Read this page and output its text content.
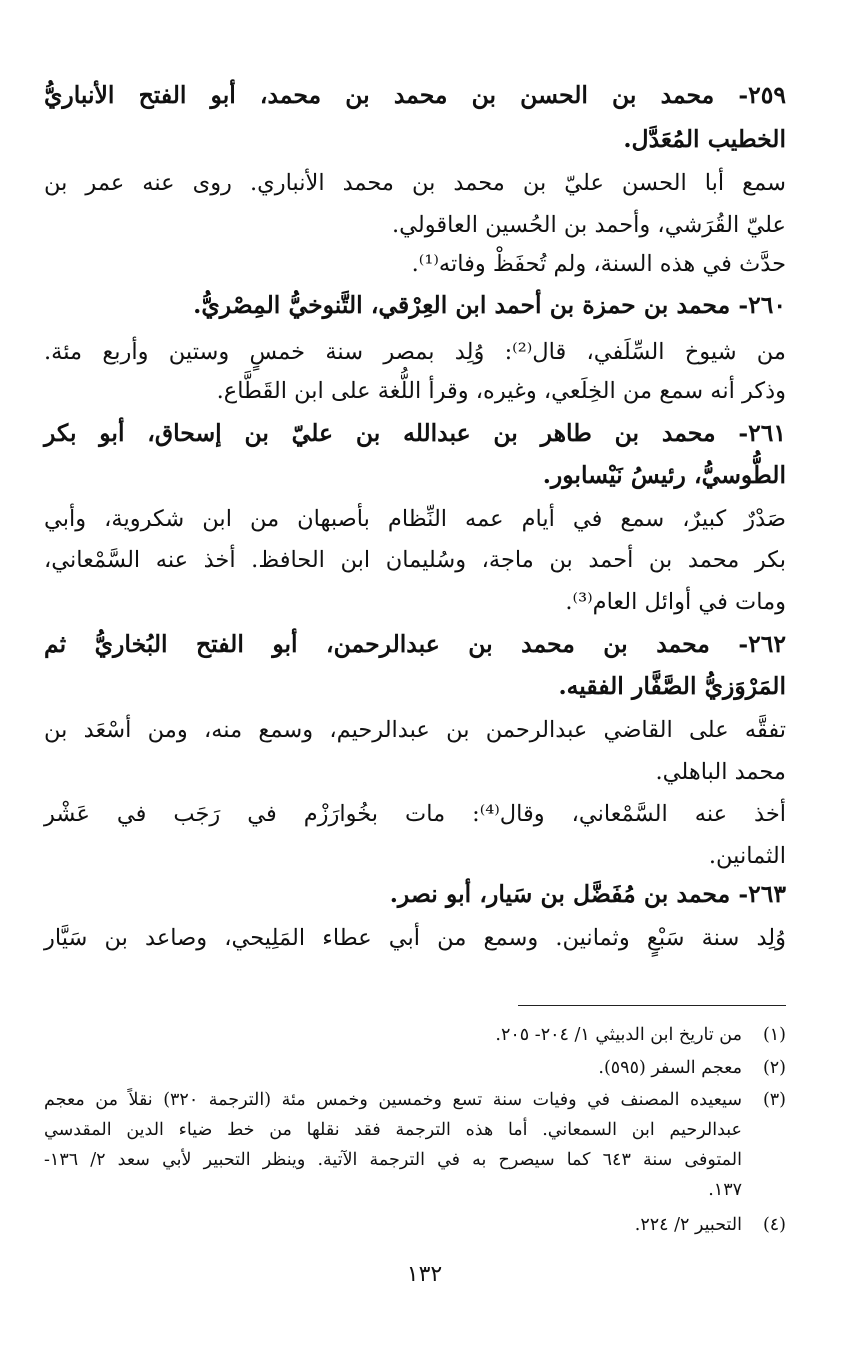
٢٥٩- محمد بن الحسن بن محمد بن محمد، أبو الفتح الأنباريُّ
الخطيب المُعَدَّل.
سمع أبا الحسن عليّ بن محمد بن محمد الأنباري. روى عنه عمر بن
عليّ القُرَشي، وأحمد بن الحُسين العاقولي.
حدَّث في هذه السنة، ولم تُحفَظْ وفاته⁽¹⁾.
٢٦٠- محمد بن حمزة بن أحمد ابن العِرْقي، التَّنوخيُّ المِصْريُّ.
من شيوخ السِّلَفي، قال⁽²⁾: وُلِد بمصر سنة خمسٍ وستين وأربع مئة.
وذكر أنه سمع من الخِلَعي، وغيره، وقرأ اللُّغة على ابن القَطَّاع.
٢٦١- محمد بن طاهر بن عبدالله بن عليّ بن إسحاق، أبو بكر
الطُّوسيُّ، رئيسُ نَيْسابور.
صَدْرٌ كبيرٌ، سمع في أيام عمه النِّظام بأصبهان من ابن شكروية، وأبي
بكر محمد بن أحمد بن ماجة، وسُليمان ابن الحافظ. أخذ عنه السَّمْعاني،
ومات في أوائل العام⁽³⁾.
٢٦٢- محمد بن محمد بن عبدالرحمن، أبو الفتح البُخاريُّ ثم
المَرْوَزيُّ الصَّفَّار الفقيه.
تفقَّه على القاضي عبدالرحمن بن عبدالرحيم، وسمع منه، ومن أسْعَد بن
محمد الباهلي.
أخذ عنه السَّمْعاني، وقال⁽⁴⁾: مات بخُوارَزْم في رَجَب في عَشْر
الثمانين.
٢٦٣- محمد بن مُفَضَّل بن سَيار، أبو نصر.
وُلِد سنة سَبْعٍ وثمانين. وسمع من أبي عطاء المَلِيحي، وصاعد بن سَيَّار
(١)
من تاريخ ابن الدبيثي ١/ ٢٠٤- ٢٠٥.
(٢)
معجم السفر (٥٩٥).
(٣)
سيعيده المصنف في وفيات سنة تسع وخمسين وخمس مئة (الترجمة ٣٢٠) نقلاً من معجم
عبدالرحيم ابن السمعاني. أما هذه الترجمة فقد نقلها من خط ضياء الدين المقدسي
المتوفى سنة ٦٤٣ كما سيصرح به في الترجمة الآتية. وينظر التحبير لأبي سعد ٢/ ١٣٦-
١٣٧.
(٤)
التحبير ٢/ ٢٢٤.
١٣٢
